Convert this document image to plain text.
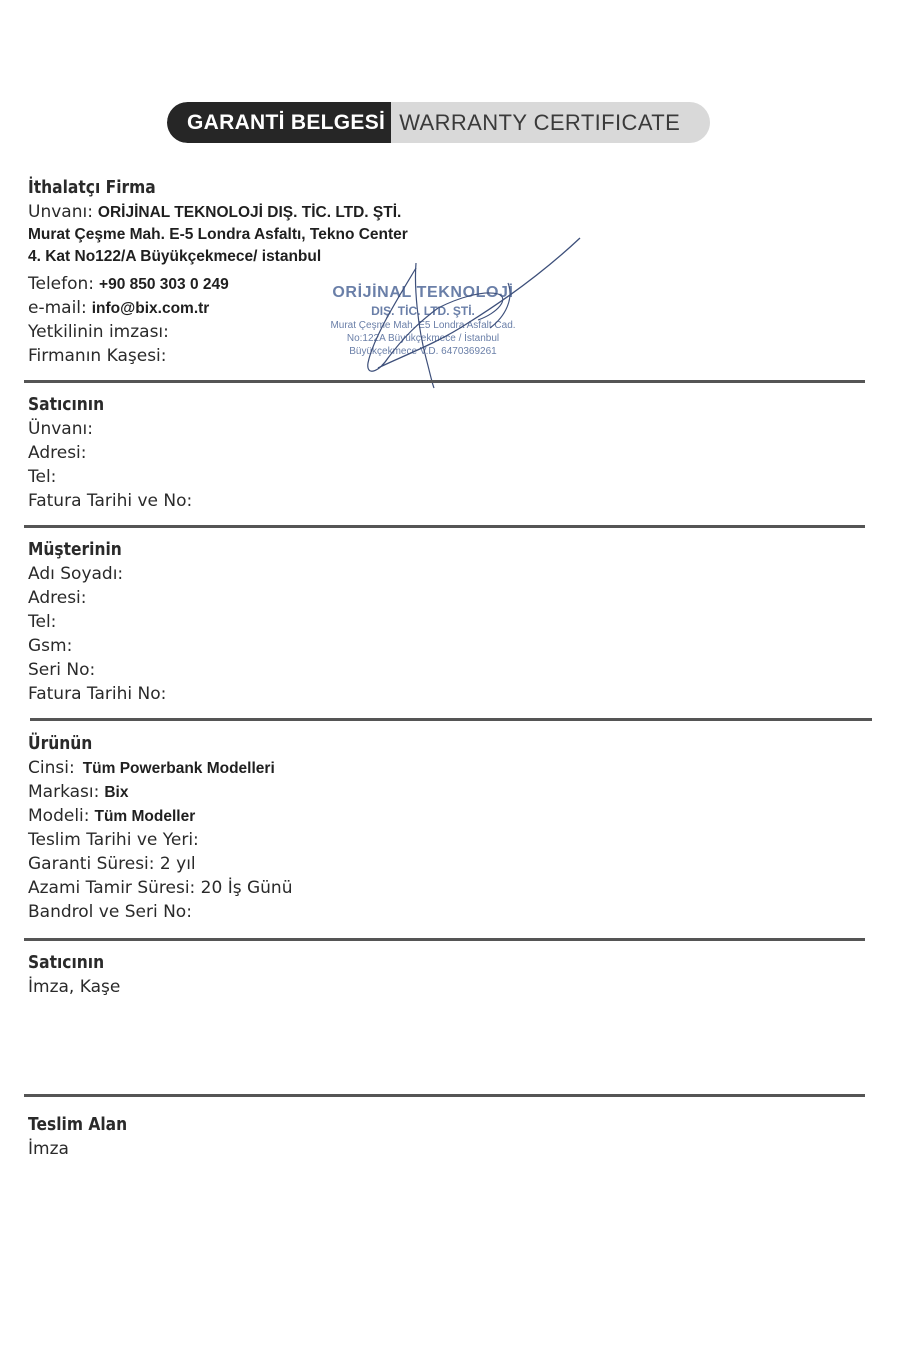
GARANTİ BELGESİ WARRANTY CERTIFICATE
İthalatçı Firma
Unvanı: ORİJİNAL TEKNOLOJİ DIŞ. TİC. LTD. ŞTİ.
Murat Çeşme Mah. E-5 Londra Asfaltı, Tekno Center
4. Kat No122/A Büyükçekmece/ istanbul
Telefon: +90 850 303 0 249
e-mail: info@bix.com.tr
Yetkilinin imzası:
Firmanın Kaşesi:
ORİJİNAL TEKNOLOJİ
DIŞ. TİC. LTD. ŞTİ.
Murat Çeşme Mah. E5 Londra Asfalt Cad.
No:122A Büyükçekmece / İstanbul
Büyükçekmece V.D. 6470369261
Satıcının
Ünvanı:
Adresi:
Tel:
Fatura Tarihi ve No:
Müşterinin
Adı Soyadı:
Adresi:
Tel:
Gsm:
Seri No:
Fatura Tarihi No:
Ürünün
Cinsi: Tüm Powerbank Modelleri
Markası: Bix
Modeli: Tüm Modeller
Teslim Tarihi ve Yeri:
Garanti Süresi: 2 yıl
Azami Tamir Süresi: 20 İş Günü
Bandrol ve Seri No:
Satıcının
İmza, Kaşe
Teslim Alan
İmza
